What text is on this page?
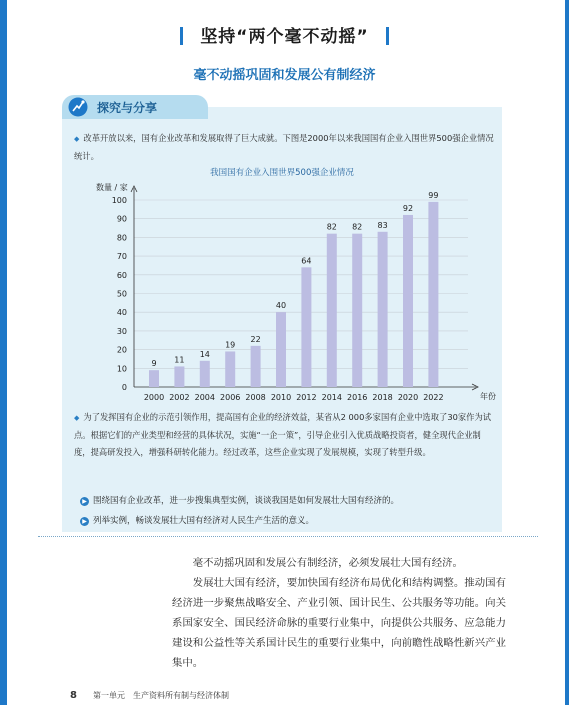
坚持“两个毫不动摇”
毫不动摇巩固和发展公有制经济
探究与分享
◆ 改革开放以来，国有企业改革和发展取得了巨大成就。下图是2000年以来我国国有企业入围世界500强企业情况统计。
我国国有企业入围世界500强企业情况
0
10
20
30
40
50
60
70
80
90
100
数量 / 家
年份
9
2000
11
2002
14
2004
19
2006
22
2008
40
2010
64
2012
82
2014
82
2016
83
2018
92
2020
99
2022
◆ 为了发挥国有企业的示范引领作用，提高国有企业的经济效益，某省从2 000多家国有企业中选取了30家作为试点。根据它们的产业类型和经营的具体状况，实施“一企一策”，引导企业引入优质战略投资者，健全现代企业制度，提高研发投入，增强科研转化能力。经过改革，这些企业实现了发展规模，实现了转型升级。
▶ 围绕国有企业改革，进一步搜集典型实例，谈谈我国是如何发展壮大国有经济的。
▶ 列举实例，畅谈发展壮大国有经济对人民生产生活的意义。

毫不动摇巩固和发展公有制经济，必须发展壮大国有经济。

发展壮大国有经济，要加快国有经济布局优化和结构调整。推动国有经济进一步聚焦战略安全、产业引领、国计民生、公共服务等功能。向关系国家安全、国民经济命脉的重要行业集中，向提供公共服务、应急能力建设和公益性等关系国计民生的重要行业集中，向前瞻性战略性新兴产业集中。

8 第一单元　生产资料所有制与经济体制
